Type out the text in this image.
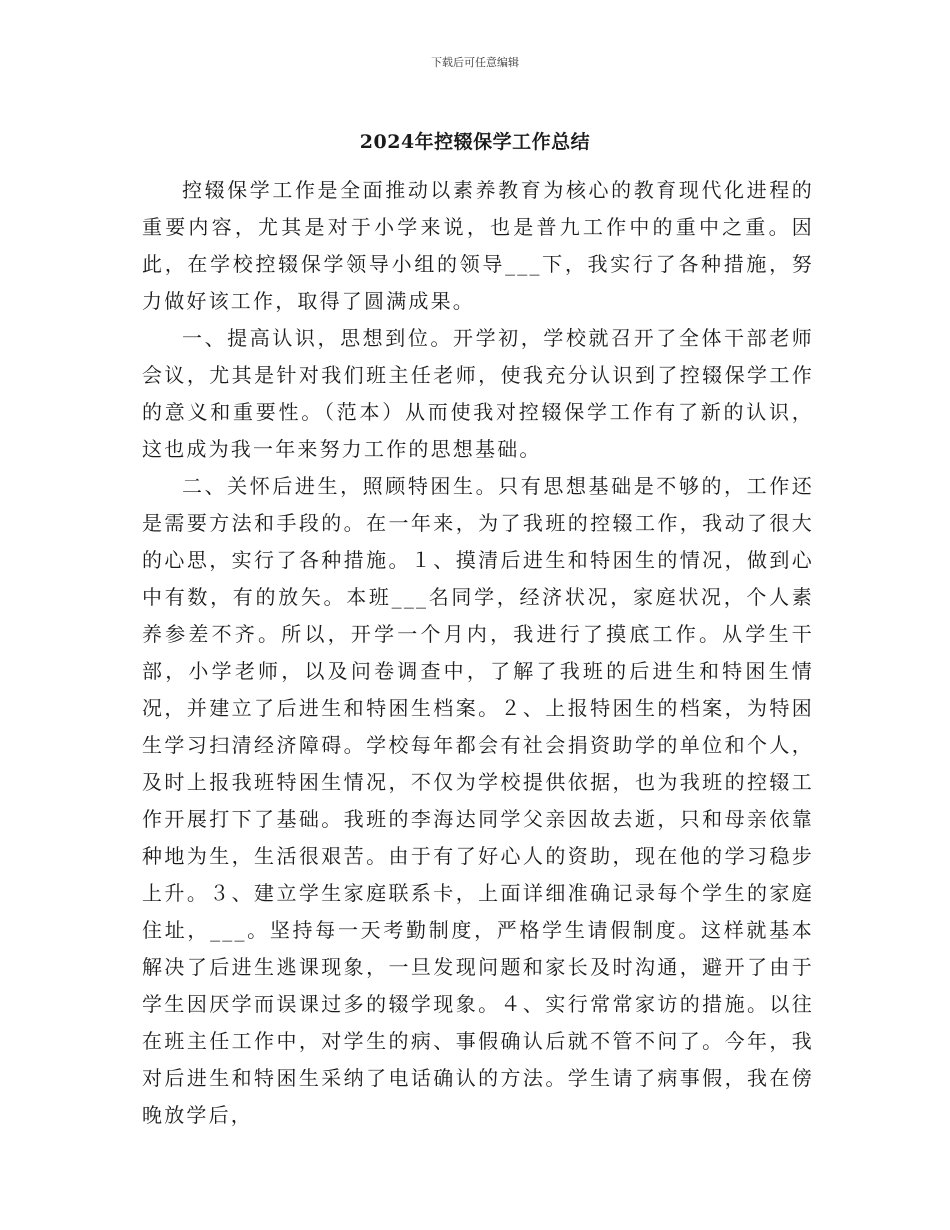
下载后可任意编辑
2024年控辍保学工作总结

控辍保学工作是全面推动以素养教育为核心的教育现代化进程的重要内容，尤其是对于小学来说，也是普九工作中的重中之重。因此，在学校控辍保学领导小组的领导___下，我实行了各种措施，努力做好该工作，取得了圆满成果。

一、提高认识，思想到位。开学初，学校就召开了全体干部老师会议，尤其是针对我们班主任老师，使我充分认识到了控辍保学工作的意义和重要性。（范本）从而使我对控辍保学工作有了新的认识，这也成为我一年来努力工作的思想基础。

二、关怀后进生，照顾特困生。只有思想基础是不够的，工作还是需要方法和手段的。在一年来，为了我班的控辍工作，我动了很大的心思，实行了各种措施。１、摸清后进生和特困生的情况，做到心中有数，有的放矢。本班___名同学，经济状况，家庭状况，个人素养参差不齐。所以，开学一个月内，我进行了摸底工作。从学生干部，小学老师，以及问卷调查中，了解了我班的后进生和特困生情况，并建立了后进生和特困生档案。２、上报特困生的档案，为特困生学习扫清经济障碍。学校每年都会有社会捐资助学的单位和个人，及时上报我班特困生情况，不仅为学校提供依据，也为我班的控辍工作开展打下了基础。我班的李海达同学父亲因故去逝，只和母亲依靠种地为生，生活很艰苦。由于有了好心人的资助，现在他的学习稳步上升。３、建立学生家庭联系卡，上面详细准确记录每个学生的家庭住址，___。坚持每一天考勤制度，严格学生请假制度。这样就基本解决了后进生逃课现象，一旦发现问题和家长及时沟通，避开了由于学生因厌学而误课过多的辍学现象。４、实行常常家访的措施。以往在班主任工作中，对学生的病、事假确认后就不管不问了。今年，我对后进生和特困生采纳了电话确认的方法。学生请了病事假，我在傍晚放学后，
